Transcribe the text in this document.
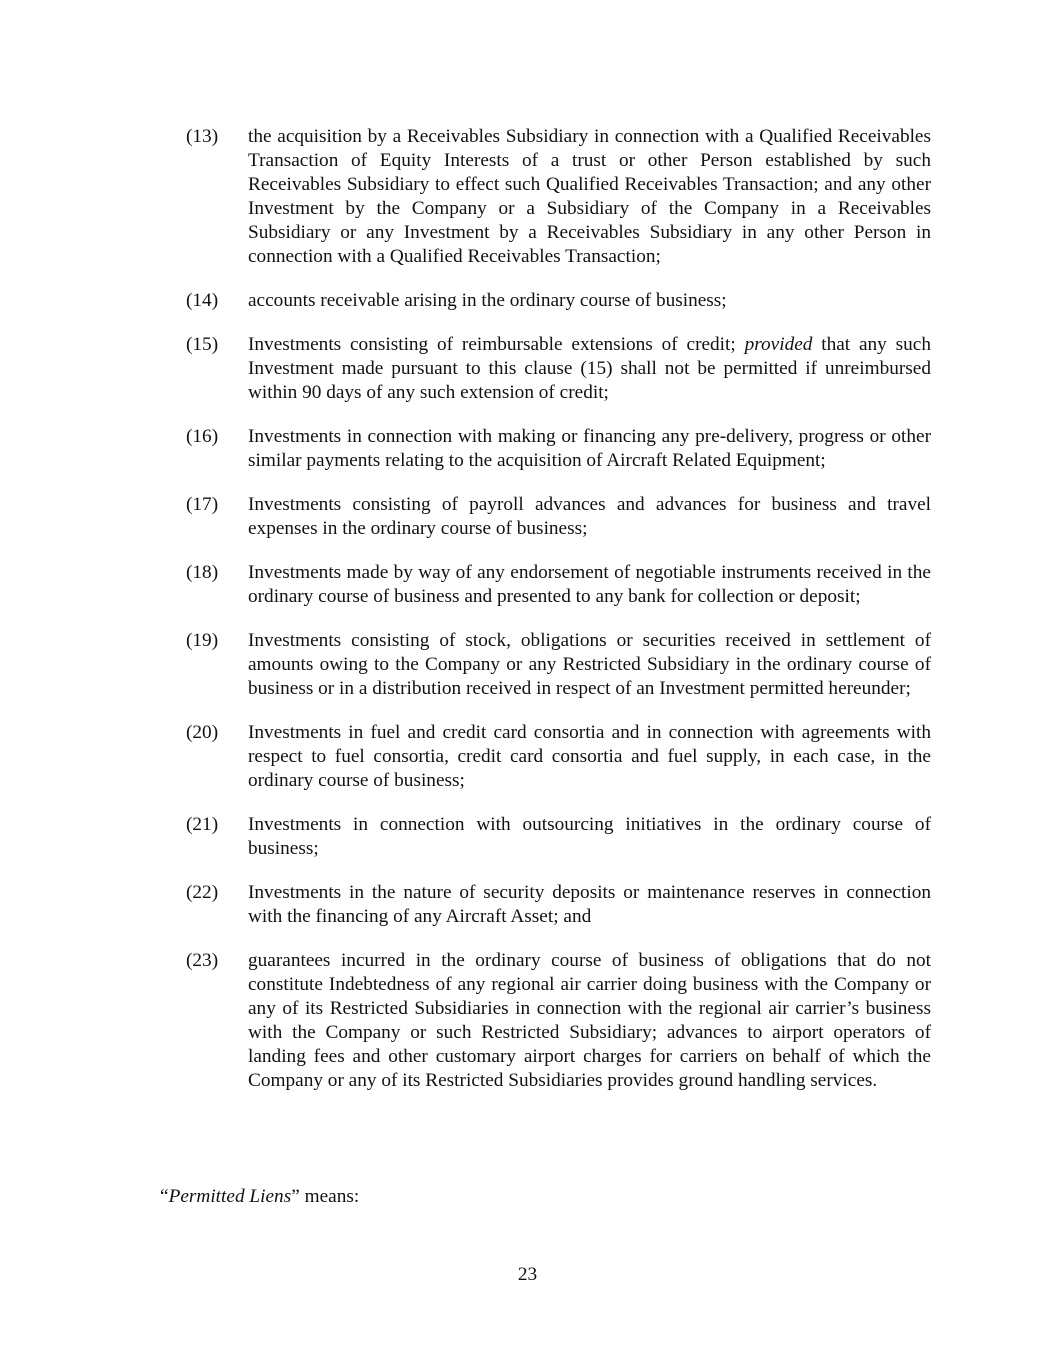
(13)	the acquisition by a Receivables Subsidiary in connection with a Qualified Receivables Transaction of Equity Interests of a trust or other Person established by such Receivables Subsidiary to effect such Qualified Receivables Transaction; and any other Investment by the Company or a Subsidiary of the Company in a Receivables Subsidiary or any Investment by a Receivables Subsidiary in any other Person in connection with a Qualified Receivables Transaction;
(14)	accounts receivable arising in the ordinary course of business;
(15)	Investments consisting of reimbursable extensions of credit; provided that any such Investment made pursuant to this clause (15) shall not be permitted if unreimbursed within 90 days of any such extension of credit;
(16)	Investments in connection with making or financing any pre-delivery, progress or other similar payments relating to the acquisition of Aircraft Related Equipment;
(17)	Investments consisting of payroll advances and advances for business and travel expenses in the ordinary course of business;
(18)	Investments made by way of any endorsement of negotiable instruments received in the ordinary course of business and presented to any bank for collection or deposit;
(19)	Investments consisting of stock, obligations or securities received in settlement of amounts owing to the Company or any Restricted Subsidiary in the ordinary course of business or in a distribution received in respect of an Investment permitted hereunder;
(20)	Investments in fuel and credit card consortia and in connection with agreements with respect to fuel consortia, credit card consortia and fuel supply, in each case, in the ordinary course of business;
(21)	Investments in connection with outsourcing initiatives in the ordinary course of business;
(22)	Investments in the nature of security deposits or maintenance reserves in connection with the financing of any Aircraft Asset; and
(23)	guarantees incurred in the ordinary course of business of obligations that do not constitute Indebtedness of any regional air carrier doing business with the Company or any of its Restricted Subsidiaries in connection with the regional air carrier’s business with the Company or such Restricted Subsidiary; advances to airport operators of landing fees and other customary airport charges for carriers on behalf of which the Company or any of its Restricted Subsidiaries provides ground handling services.
“Permitted Liens” means:
23
